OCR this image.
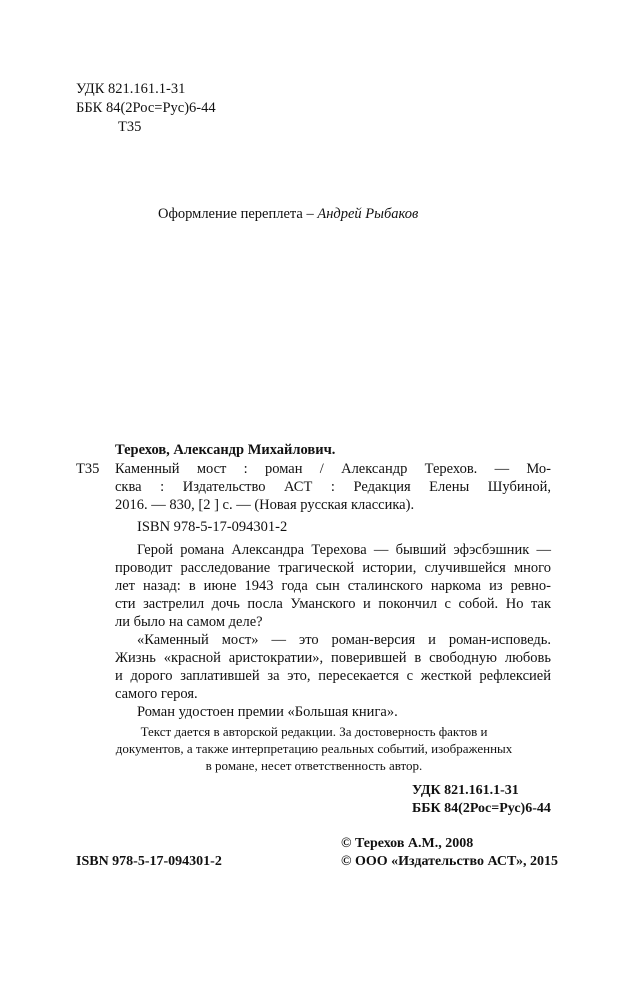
УДК 821.161.1-31
ББК 84(2Рос=Рус)6-44
Т35
Оформление переплета – Андрей Рыбаков
Терехов, Александр Михайлович.
Т35 Каменный мост : роман / Александр Терехов. — Мо-
сква : Издательство АСТ : Редакция Елены Шубиной,
2016. — 830, [2 ] с. — (Новая русская классика).
ISBN 978-5-17-094301-2
Герой романа Александра Терехова — бывший эфэсбэшник —
проводит расследование трагической истории, случившейся много
лет назад: в июне 1943 года сын сталинского наркома из ревно-
сти застрелил дочь посла Уманского и покончил с собой. Но так
ли было на самом деле?
«Каменный мост» — это роман-версия и роман-исповедь.
Жизнь «красной аристократии», поверившей в свободную любовь
и дорого заплатившей за это, пересекается с жесткой рефлексией
самого героя.
Роман удостоен премии «Большая книга».
Текст дается в авторской редакции. За достоверность фактов и
документов, а также интерпретацию реальных событий, изображенных
в романе, несет ответственность автор.
УДК 821.161.1-31
ББК 84(2Рос=Рус)6-44
ISBN 978-5-17-094301-2
© Терехов А.М., 2008
© ООО «Издательство АСТ», 2015
